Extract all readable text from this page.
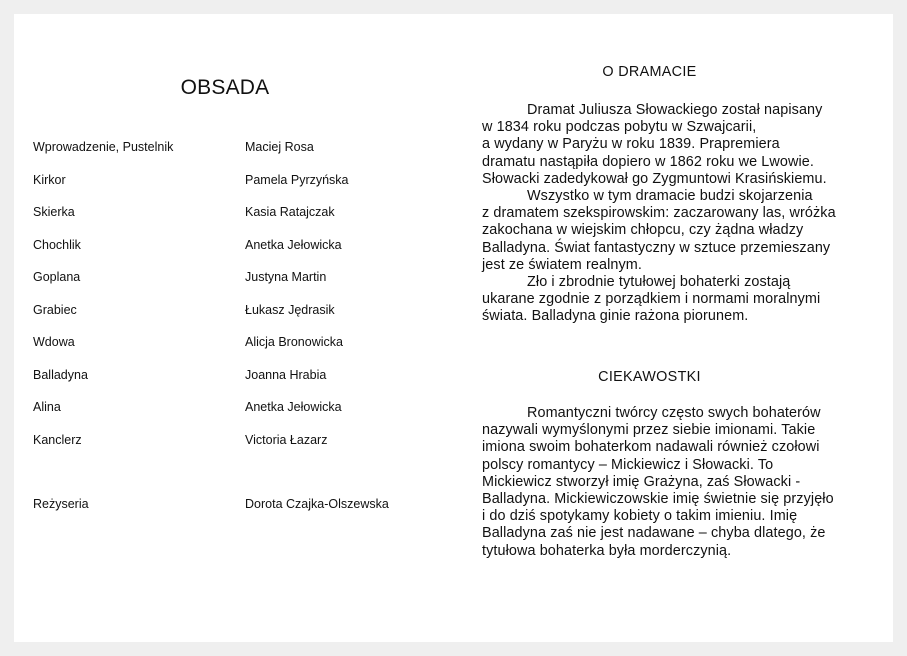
OBSADA
Wprowadzenie, Pustelnik	Maciej Rosa
Kirkor	Pamela Pyrzyńska
Skierka	Kasia Ratajczak
Chochlik	Anetka Jełowicka
Goplana	Justyna Martin
Grabiec	Łukasz Jędrasik
Wdowa	Alicja Bronowicka
Balladyna	Joanna Hrabia
Alina	Anetka Jełowicka
Kanclerz	Victoria Łazarz
Reżyseria	Dorota Czajka-Olszewska
O DRAMACIE
Dramat Juliusza Słowackiego został napisany
w 1834 roku podczas pobytu w Szwajcarii,
a wydany w Paryżu w roku 1839. Prapremiera
dramatu nastąpiła dopiero w 1862 roku we Lwowie.
Słowacki zadedykował go Zygmuntowi Krasińskiemu.
Wszystko w tym dramacie budzi skojarzenia
z dramatem szekspirowskim: zaczarowany las, wróżka
zakochana w wiejskim chłopcu, czy żądna władzy
Balladyna. Świat fantastyczny w sztuce przemieszany
jest ze światem realnym.
Zło i zbrodnie tytułowej bohaterki zostają
ukarane zgodnie z porządkiem i normami moralnymi
świata. Balladyna ginie rażona piorunem.
CIEKAWOSTKI
Romantyczni twórcy często swych bohaterów
nazywali wymyślonymi przez siebie imionami. Takie
imiona swoim bohaterkom nadawali również czołowi
polscy romantycy – Mickiewicz i Słowacki. To
Mickiewicz stworzył imię Grażyna, zaś Słowacki -
Balladyna. Mickiewiczowskie imię świetnie się przyjęło
i do dziś spotykamy kobiety o takim imieniu. Imię
Balladyna zaś nie jest nadawane – chyba dlatego, że
tytułowa bohaterka była morderczynią.
